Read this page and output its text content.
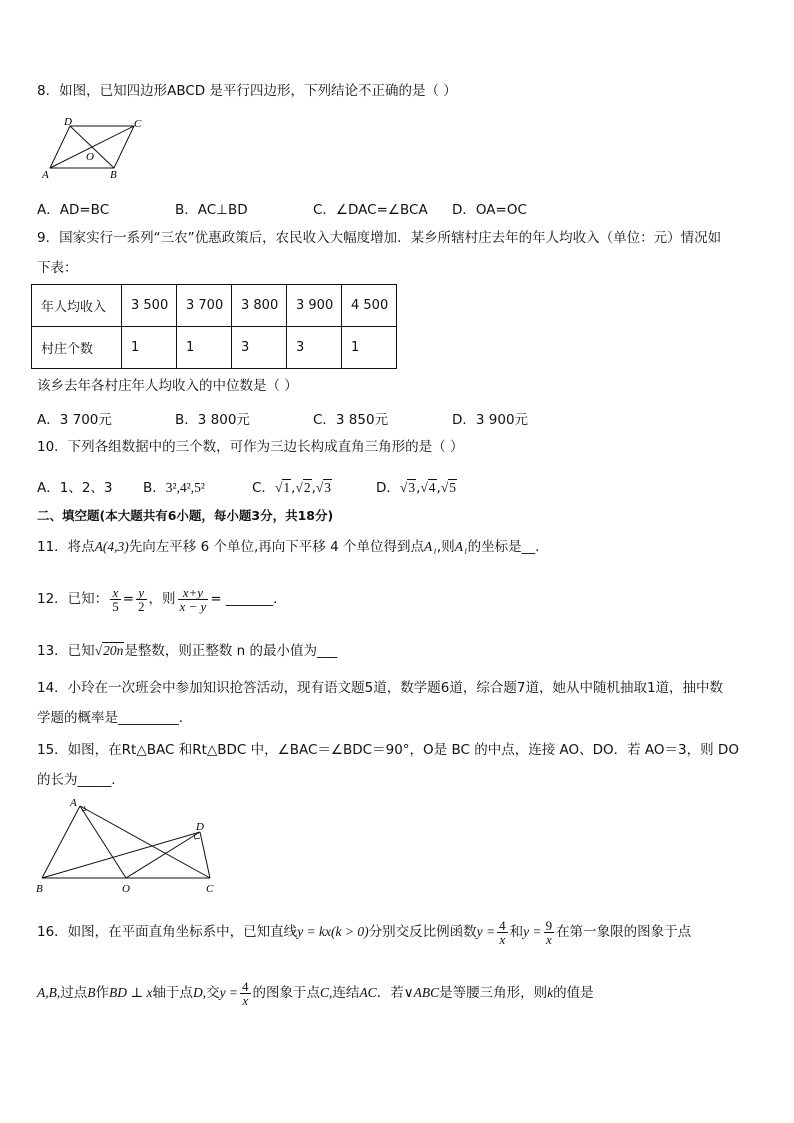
8．如图，已知四边形ABCD 是平行四边形，下列结论不正确的是（ ）
D	C
A	B
O
A．AD=BC	B．AC⊥BD	C．∠DAC=∠BCA D．OA=OC
9．国家实行一系列“三农”优惠政策后，农民收入大幅度增加．某乡所辖村庄去年的年人均收入（单位：元）情况如
下表：
年人均收入	3 500	3 700	3 800	3 900	4 500
村庄个数	1	1	3	3	1
该乡去年各村庄年人均收入的中位数是（ ）
A．3 700元	B．3 800元	C．3 850元	D．3 900元
10．下列各组数据中的三个数，可作为三边长构成直角三角形的是（ ）
A．1、2、3 B．3²,4²,5²	C．√1,√2,√3	D．√3,√4,√5
二、填空题(本大题共有6小题，每小题3分，共18分)
11．将点A(4,3)先向左平移 6 个单位,再向下平移 4 个单位得到点A₁,则A₁的坐标是__.
12．已知： $\frac{x}{5} = \frac{y}{2}$ ，则 $\frac{x+y}{x - y}$ = _______.
13．已知√20n是整数，则正整数 n 的最小值为___
14．小玲在一次班会中参加知识抢答活动，现有语文题5道，数学题6道，综合题7道，她从中随机抽取1道，抽中数
学题的概率是_________.
15．如图，在Rt△BAC 和Rt△BDC 中，∠BAC＝∠BDC＝90°，O是 BC 的中点，连接 AO、DO．若 AO＝3，则 DO
的长为_____.
A
D
B	O	C
16．如图，在平面直角坐标系中，已知直线y = kx(k > 0)分别交反比例函数$y = \frac{4}{x}$ 和$y = \frac{9}{x}$ 在第一象限的图象于点
A,B,过点B作BD ⊥ x轴于点D,交$y = \frac{4}{x}$ 的图象于点C,连结AC．若∨ABC是等腰三角形，则k的值是
